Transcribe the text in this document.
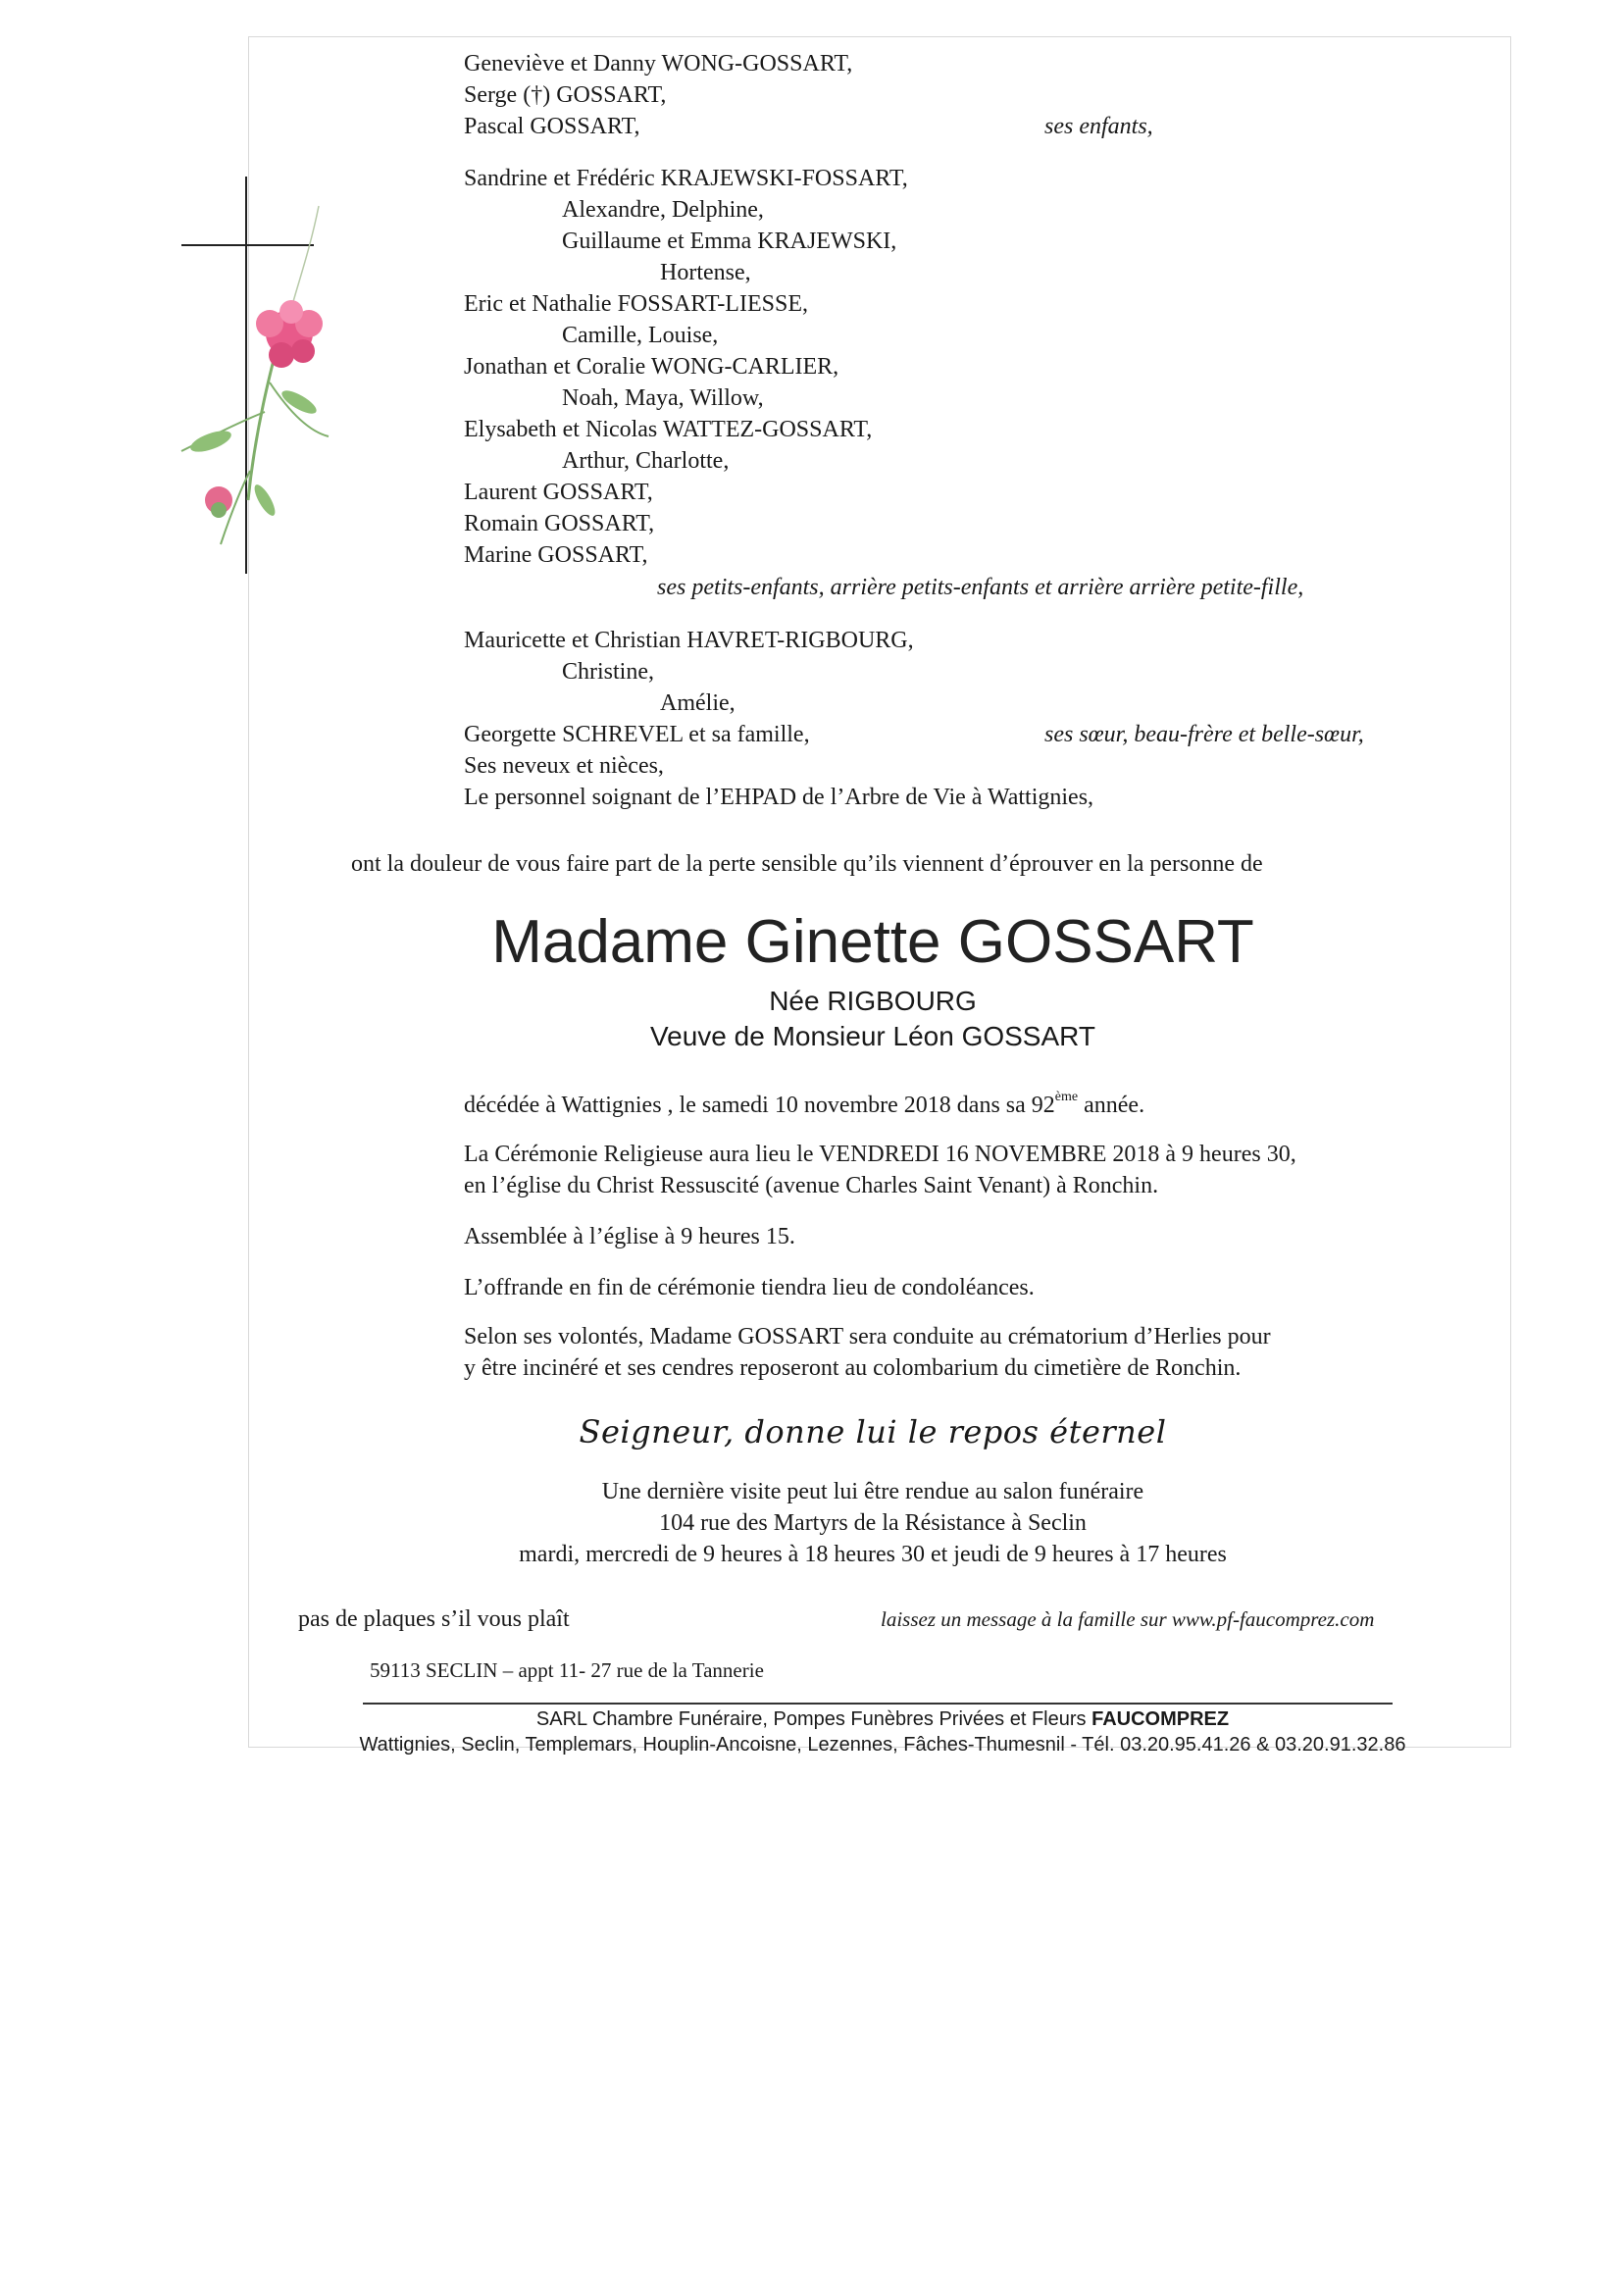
Geneviève et Danny WONG-GOSSART,
Serge (†) GOSSART,
Pascal GOSSART,	ses enfants,
Sandrine et Frédéric KRAJEWSKI-FOSSART,
Alexandre, Delphine,
Guillaume et Emma KRAJEWSKI,
Hortense,
Eric et Nathalie FOSSART-LIESSE,
Camille, Louise,
Jonathan et Coralie WONG-CARLIER,
Noah, Maya, Willow,
Elysabeth et Nicolas WATTEZ-GOSSART,
Arthur, Charlotte,
Laurent GOSSART,
Romain GOSSART,
Marine GOSSART,
ses petits-enfants, arrière petits-enfants et arrière arrière petite-fille,
Mauricette et Christian HAVRET-RIGBOURG,
Christine,
Amélie,
Georgette SCHREVEL et sa famille,	ses sœur, beau-frère et belle-sœur,
Ses neveux et nièces,
Le personnel soignant de l’EHPAD de l’Arbre de Vie à Wattignies,
ont la douleur de vous faire part de la perte sensible qu’ils viennent d’éprouver en la personne de
Madame Ginette GOSSART
Née RIGBOURG
Veuve de Monsieur Léon GOSSART
décédée à Wattignies , le samedi 10 novembre 2018 dans sa 92ème année.
La Cérémonie Religieuse aura lieu le VENDREDI 16 NOVEMBRE 2018 à 9 heures 30,
en l’église du Christ Ressuscité (avenue Charles Saint Venant) à Ronchin.
Assemblée à l’église à 9 heures 15.
L’offrande en fin de cérémonie tiendra lieu de condoléances.
Selon ses volontés, Madame GOSSART sera conduite au crématorium d’Herlies pour
y être incinéré et ses cendres reposeront au colombarium du cimetière de Ronchin.
Seigneur, donne lui le repos éternel
Une dernière visite peut lui être rendue au salon funéraire
104 rue des Martyrs de la Résistance à Seclin
mardi, mercredi de 9 heures à 18 heures 30 et jeudi de 9 heures à 17 heures
pas de plaques s’il vous plaît	laissez un message à la famille sur www.pf-faucomprez.com
59113 SECLIN – appt 11- 27 rue de la Tannerie
SARL Chambre Funéraire, Pompes Funèbres Privées et Fleurs FAUCOMPREZ
Wattignies, Seclin, Templemars, Houplin-Ancoisne, Lezennes, Fâches-Thumesnil - Tél. 03.20.95.41.26 & 03.20.91.32.86
